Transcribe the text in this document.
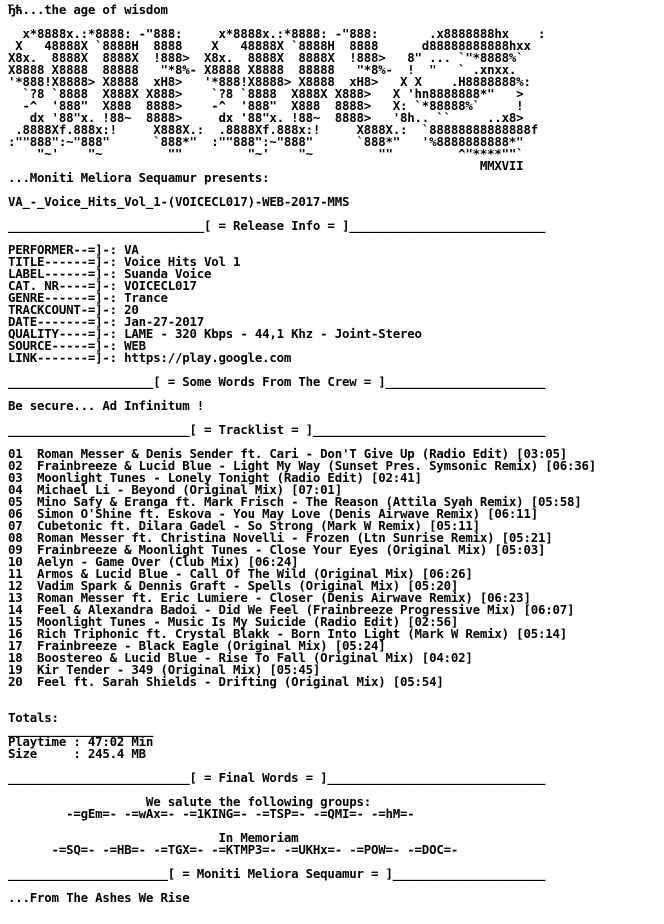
Ђћ...the age of wisdom
x*8888x.:*8888: -"888:     x*8888x.:*8888: -"888:       .x8888888hx    :
X   48888X `8888H  8888    X   48888X `8888H  8888      d88888888888hxx
X8x.  8888X  8888X  !888>  X8x.  8888X  8888X  !888>   8" ... `"*8888%`
X8888 X8888  88888   "*8%- X8888 X8888  88888   "*8%-  !  "   ` .xnxx.
'*888!X8888> X8888  xH8>   '*888!X8888> X8888  xH8>   X X    .H8888888%:
`?8 `8888  X888X X888>    `?8 `8888  X888X X888>   X 'hn8888888*"   >
-^  '888"  X888  8888>    -^  '888"  X888  8888>   X: `*88888%`     !
dx '88"x. !88~  8888>     dx '88"x. !88~  8888>   '8h.. ``     ..x8>
.8888Xf.888x:!     X888X.:  .8888Xf.888x:!     X888X.:  `88888888888888f
:""888":~"888"      `888*"  :""888":~"888"      `888*"   '%8888888888*"
"~'    "~         ""         "~'    "~         ""         ^"****""`
MMXVII
...Moniti Meliora Sequamur presents:
VA_-_Voice_Hits_Vol_1-(VOICECL017)-WEB-2017-MMS
___________________________[ = Release Info = ]___________________________
PERFORMER--=]-: VA
TITLE------=]-: Voice Hits Vol 1
LABEL------=]-: Suanda Voice
CAT. NR----=]-: VOICECL017
GENRE------=]-: Trance
TRACKCOUNT-=]-: 20
DATE-------=]-: Jan-27-2017
QUALITY----=]-: LAME - 320 Kbps - 44,1 Khz - Joint-Stereo
SOURCE-----=]-: WEB
LINK-------=]-: https://play.google.com
____________________[ = Some Words From The Crew = ]______________________
Be secure... Ad Infinitum !
_________________________[ = Tracklist = ]________________________________
01  Roman Messer & Denis Sender ft. Cari - Don'T Give Up (Radio Edit) [03:05]
02  Frainbreeze & Lucid Blue - Light My Way (Sunset Pres. Symsonic Remix) [06:36]
03  Moonlight Tunes - Lonely Tonight (Radio Edit) [02:41]
04  Michael Li - Beyond (Original Mix) [07:01]
05  Mino Safy & Eranga ft. Mark Frisch - The Reason (Attila Syah Remix) [05:58]
06  Simon O'Shine ft. Eskova - You May Love (Denis Airwave Remix) [06:11]
07  Cubetonic ft. Dilara Gadel - So Strong (Mark W Remix) [05:11]
08  Roman Messer ft. Christina Novelli - Frozen (Ltn Sunrise Remix) [05:21]
09  Frainbreeze & Moonlight Tunes - Close Your Eyes (Original Mix) [05:03]
10  Aelyn - Game Over (Club Mix) [06:24]
11  Armos & Lucid Blue - Call Of The Wild (Original Mix) [06:26]
12  Vadim Spark & Dennis Graft - Spells (Original Mix) [05:20]
13  Roman Messer ft. Eric Lumiere - Closer (Denis Airwave Remix) [06:23]
14  Feel & Alexandra Badoi - Did We Feel (Frainbreeze Progressive Mix) [06:07]
15  Moonlight Tunes - Music Is My Suicide (Radio Edit) [02:56]
16  Rich Triphonic ft. Crystal Blakk - Born Into Light (Mark W Remix) [05:14]
17  Frainbreeze - Black Eagle (Original Mix) [05:24]
18  Boostereo & Lucid Blue - Rise To Fall (Original Mix) [04:02]
19  Kir Tender - 349 (Original Mix) [05:45]
20  Feel ft. Sarah Shields - Drifting (Original Mix) [05:54]
Totals:
____________________
Playtime : 47:02 Min
Size     : 245.4 MB
_________________________[ = Final Words = ]______________________________
We salute the following groups:
-=gEm=- -=wAx=- -=1KING=- -=TSP=- -=QMI=- -=hM=-
In Memoriam
-=SQ=- -=HB=- -=TGX=- -=KTMP3=- -=UKHx=- -=POW=- -=DOC=-
______________________[ = Moniti Meliora Sequamur = ]_____________________
...From The Ashes We Rise
